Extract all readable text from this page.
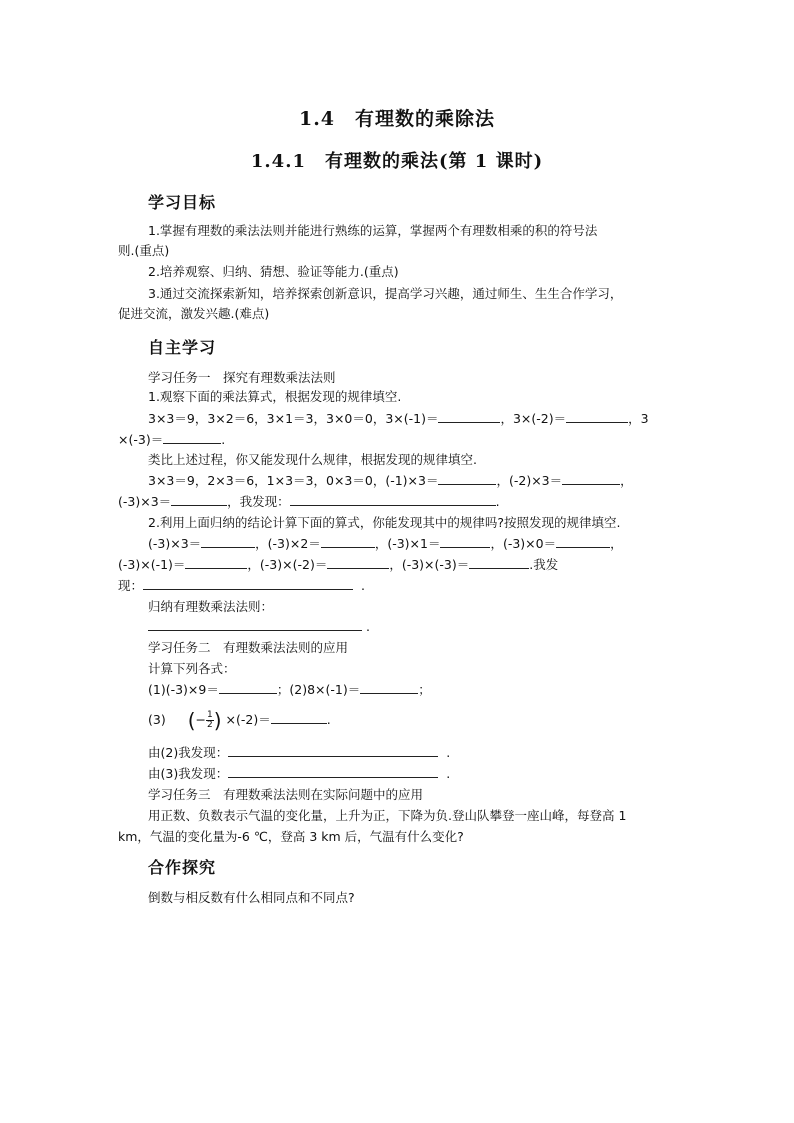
1.4　有理数的乘除法
1.4.1　有理数的乘法(第 1 课时)
学习目标
1.掌握有理数的乘法法则并能进行熟练的运算，掌握两个有理数相乘的积的符号法
则.(重点)
2.培养观察、归纳、猜想、验证等能力.(重点)
3.通过交流探索新知，培养探索创新意识，提高学习兴趣，通过师生、生生合作学习，
促进交流，激发兴趣.(难点)
自主学习
学习任务一　探究有理数乘法法则
1.观察下面的乘法算式，根据发现的规律填空.
3×3＝9，3×2＝6，3×1＝3，3×0＝0，3×(-1)＝	，3×(-2)＝	，3
×(-3)＝	.
类比上述过程，你又能发现什么规律，根据发现的规律填空.
3×3＝9，2×3＝6，1×3＝3，0×3＝0，(-1)×3＝	，(-2)×3＝	，
(-3)×3＝	，我发现：	.
2.利用上面归纳的结论计算下面的算式，你能发现其中的规律吗?按照发现的规律填空.
(-3)×3＝	，(-3)×2＝	，(-3)×1＝	，(-3)×0＝	，
(-3)×(-1)＝	，(-3)×(-2)＝	，(-3)×(-3)＝	.我发
现：	.
归纳有理数乘法法则：
.
学习任务二　有理数乘法法则的应用
计算下列各式：
(1)(-3)×9＝	；(2)8×(-1)＝	；
(3) (− $\frac{1}{2}$ ) ×(-2)＝	.
由(2)我发现：	.
由(3)我发现：	.
学习任务三　有理数乘法法则在实际问题中的应用
用正数、负数表示气温的变化量，上升为正，下降为负.登山队攀登一座山峰，每登高 1
km，气温的变化量为-6 ℃，登高 3 km 后，气温有什么变化?
合作探究
倒数与相反数有什么相同点和不同点?
